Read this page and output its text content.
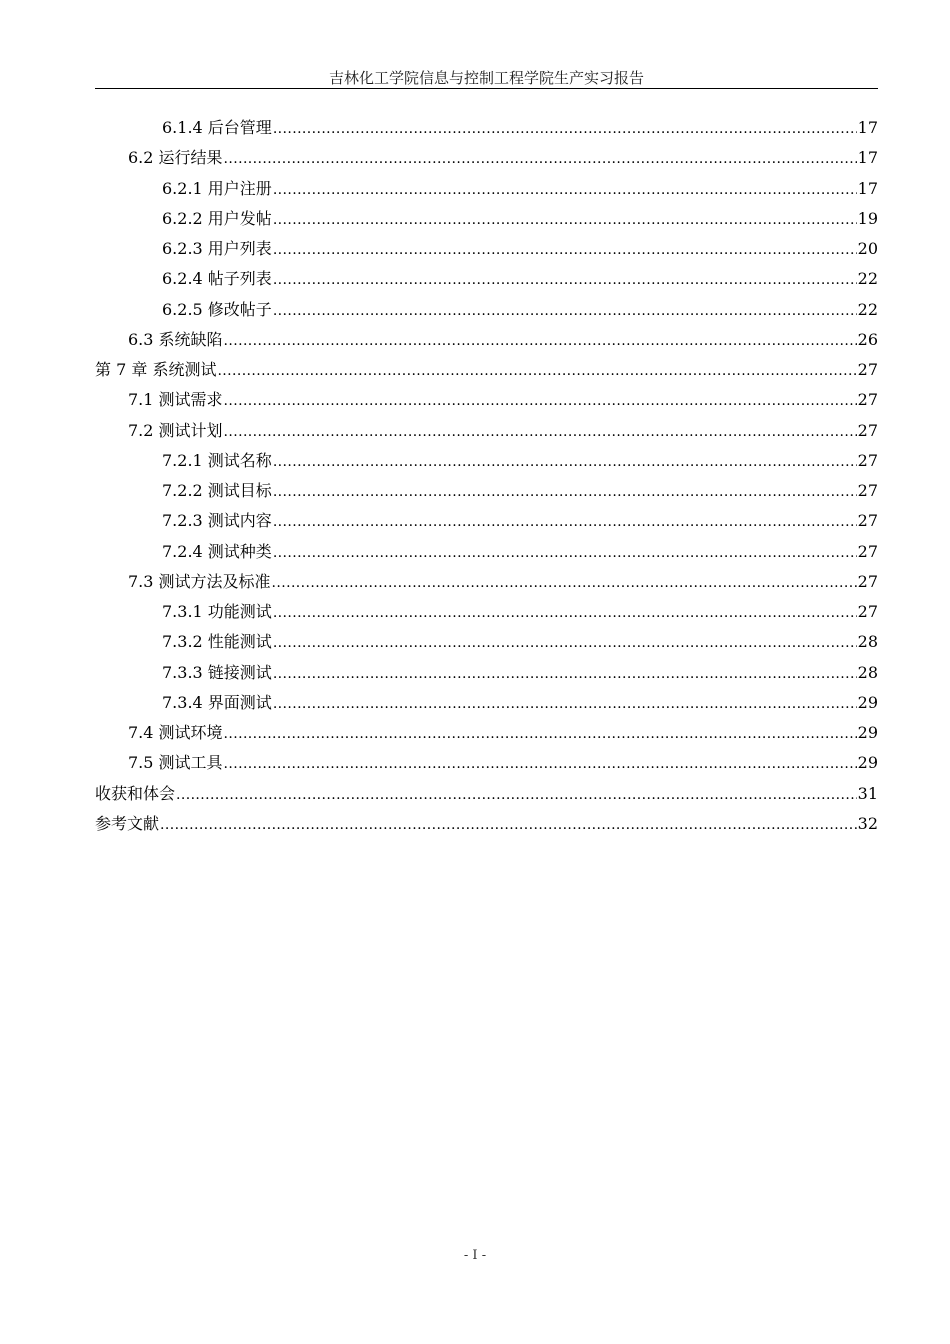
吉林化工学院信息与控制工程学院生产实习报告
6.1.4 后台管理 .....	17
6.2 运行结果 .....	17
6.2.1 用户注册 .....	17
6.2.2 用户发帖 .....	19
6.2.3 用户列表 .....	20
6.2.4 帖子列表 .....	22
6.2.5 修改帖子 .....	22
6.3 系统缺陷 .....	26
第 7 章 系统测试 .....	27
7.1 测试需求 .....	27
7.2 测试计划 .....	27
7.2.1 测试名称 .....	27
7.2.2 测试目标 .....	27
7.2.3 测试内容 .....	27
7.2.4 测试种类 .....	27
7.3 测试方法及标准 .....	27
7.3.1 功能测试 .....	27
7.3.2 性能测试 .....	28
7.3.3 链接测试 .....	28
7.3.4 界面测试 .....	29
7.4 测试环境 .....	29
7.5 测试工具 .....	29
收获和体会 .....	31
参考文献 .....	32
- I -
